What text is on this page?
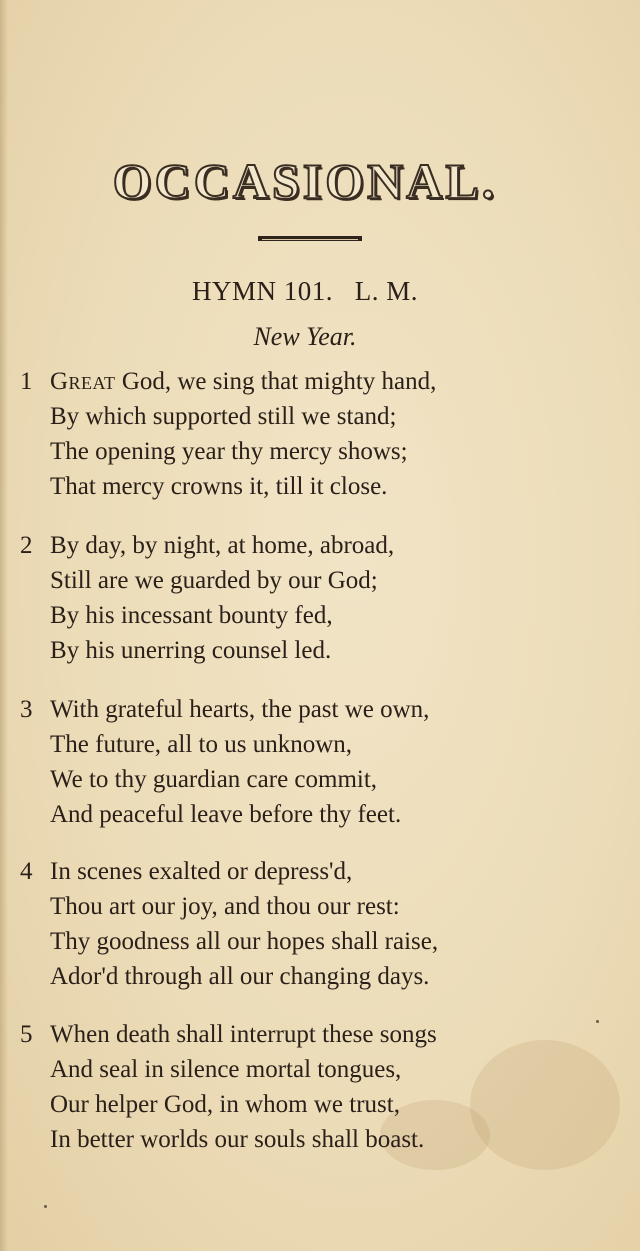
OCCASIONAL.
HYMN 101.   L. M.
New Year.
1 Great God, we sing that mighty hand,
By which supported still we stand;
The opening year thy mercy shows;
That mercy crowns it, till it close.
2 By day, by night, at home, abroad,
Still are we guarded by our God;
By his incessant bounty fed,
By his unerring counsel led.
3 With grateful hearts, the past we own,
The future, all to us unknown,
We to thy guardian care commit,
And peaceful leave before thy feet.
4 In scenes exalted or depress'd,
Thou art our joy, and thou our rest:
Thy goodness all our hopes shall raise,
Ador'd through all our changing days.
5 When death shall interrupt these songs
And seal in silence mortal tongues,
Our helper God, in whom we trust,
In better worlds our souls shall boast.
